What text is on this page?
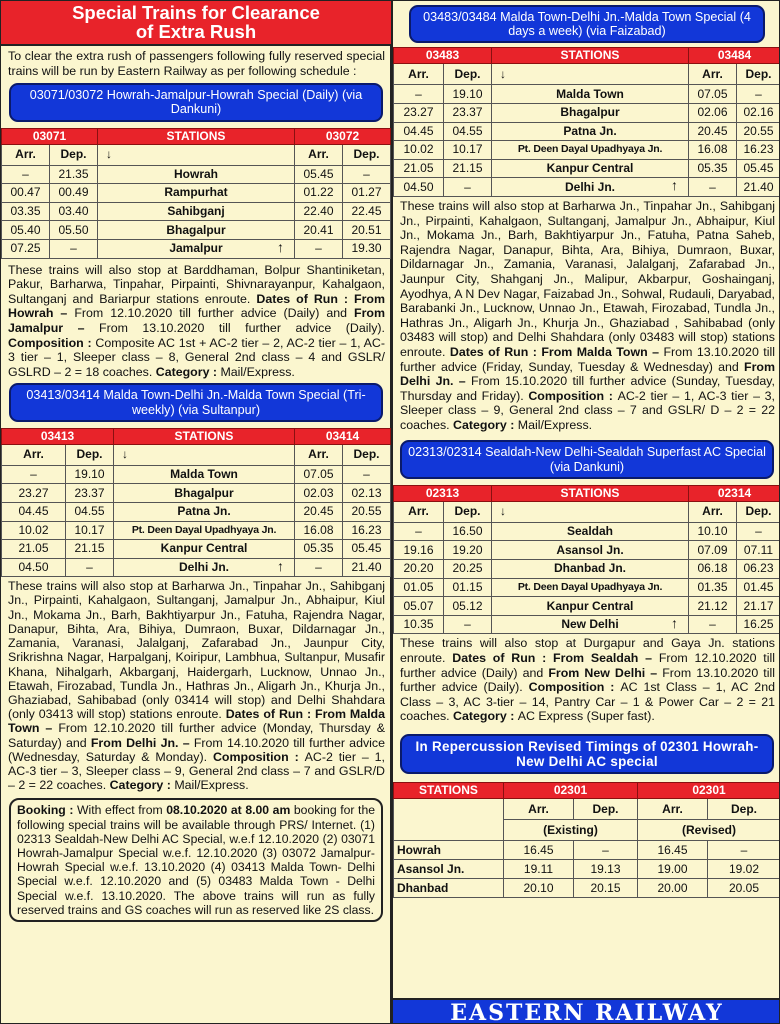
Special Trains for Clearance of Extra Rush
To clear the extra rush of passengers following fully reserved special trains will be run by Eastern Railway as per following schedule :
03071/03072 Howrah-Jamalpur-Howrah Special (Daily) (via Dankuni)
03071		STATIONS	03072	
Arr.	Dep.	↓	Arr.	Dep.
–	21.35	Howrah	05.45	–
00.47	00.49	Rampurhat	01.22	01.27
03.35	03.40	Sahibganj	22.40	22.45
05.40	05.50	Bhagalpur	20.41	20.51
07.25	–	Jamalpur ↑	–	19.30
These trains will also stop at Barddhaman, Bolpur Shantiniketan, Pakur, Barharwa, Tinpahar, Pirpainti, Shivnarayanpur, Kahalgaon, Sultanganj and Bariarpur stations enroute. Dates of Run : From Howrah – From 12.10.2020 till further advice (Daily) and From Jamalpur – From 13.10.2020 till further advice (Daily). Composition : Composite AC 1st + AC-2 tier – 2, AC-2 tier – 1, AC-3 tier – 1, Sleeper class – 8, General 2nd class – 4 and GSLR/ GSLRD – 2 = 18 coaches. Category : Mail/Express.
03413/03414 Malda Town-Delhi Jn.-Malda Town Special (Tri-weekly) (via Sultanpur)
03413		STATIONS	03414	
Arr.	Dep.	↓	Arr.	Dep.
–	19.10	Malda Town	07.05	–
23.27	23.37	Bhagalpur	02.03	02.13
04.45	04.55	Patna Jn.	20.45	20.55
10.02	10.17	Pt. Deen Dayal Upadhyaya Jn.	16.08	16.23
21.05	21.15	Kanpur Central	05.35	05.45
04.50	–	Delhi Jn. ↑	–	21.40
These trains will also stop at Barharwa Jn., Tinpahar Jn., Sahibganj Jn., Pirpainti, Kahalgaon, Sultanganj, Jamalpur Jn., Abhaipur, Kiul Jn., Mokama Jn., Barh, Bakhtiyarpur Jn., Fatuha, Rajendra Nagar, Danapur, Bihta, Ara, Bihiya, Dumraon, Buxar, Dildarnagar Jn., Zamania, Varanasi, Jalalganj, Zafarabad Jn., Jaunpur City, Srikrishna Nagar, Harpalganj, Koiripur, Lambhua, Sultanpur, Musafir Khana, Nihalgarh, Akbarganj, Haidergarh, Lucknow, Unnao Jn., Etawah, Firozabad, Tundla Jn., Hathras Jn., Aligarh Jn., Khurja Jn., Ghaziabad, Sahibabad (only 03414 will stop) and Delhi Shahdara (only 03413 will stop) stations enroute. Dates of Run : From Malda Town – From 12.10.2020 till further advice (Monday, Thursday & Saturday) and From Delhi Jn. – From 14.10.2020 till further advice (Wednesday, Saturday & Monday). Composition : AC-2 tier – 1, AC-3 tier – 3, Sleeper class – 9, General 2nd class – 7 and GSLR/D – 2 = 22 coaches. Category : Mail/Express.
Booking : With effect from 08.10.2020 at 8.00 am booking for the following special trains will be available through PRS/ Internet. (1) 02313 Sealdah-New Delhi AC Special, w.e.f 12.10.2020 (2) 03071 Howrah-Jamalpur Special w.e.f. 12.10.2020 (3) 03072 Jamalpur-Howrah Special w.e.f. 13.10.2020 (4) 03413 Malda Town- Delhi Special w.e.f. 12.10.2020 and (5) 03483 Malda Town - Delhi Special w.e.f. 13.10.2020. The above trains will run as fully reserved trains and GS coaches will run as reserved like 2S class.
03483/03484 Malda Town-Delhi Jn.-Malda Town Special (4 days a week) (via Faizabad)
03483		STATIONS	03484	
Arr.	Dep.	↓	Arr.	Dep.
–	19.10	Malda Town	07.05	–
23.27	23.37	Bhagalpur	02.06	02.16
04.45	04.55	Patna Jn.	20.45	20.55
10.02	10.17	Pt. Deen Dayal Upadhyaya Jn.	16.08	16.23
21.05	21.15	Kanpur Central	05.35	05.45
04.50	–	Delhi Jn. ↑	–	21.40
These trains will also stop at Barharwa Jn., Tinpahar Jn., Sahibganj Jn., Pirpainti, Kahalgaon, Sultanganj, Jamalpur Jn., Abhaipur, Kiul Jn., Mokama Jn., Barh, Bakhtiyarpur Jn., Fatuha, Patna Saheb, Rajendra Nagar, Danapur, Bihta, Ara, Bihiya, Dumraon, Buxar, Dildarnagar Jn., Zamania, Varanasi, Jalalganj, Zafarabad Jn., Jaunpur City, Shahganj Jn., Malipur, Akbarpur, Goshainganj, Ayodhya, A N Dev Nagar, Faizabad Jn., Sohwal, Rudauli, Daryabad, Barabanki Jn., Lucknow, Unnao Jn., Etawah, Firozabad, Tundla Jn., Hathras Jn., Aligarh Jn., Khurja Jn., Ghaziabad , Sahibabad (only 03483 will stop) and Delhi Shahdara (only 03483 will stop) stations enroute. Dates of Run : From Malda Town – From 13.10.2020 till further advice (Friday, Sunday, Tuesday & Wednesday) and From Delhi Jn. – From 15.10.2020 till further advice (Sunday, Tuesday, Thursday and Friday). Composition : AC-2 tier – 1, AC-3 tier – 3, Sleeper class – 9, General 2nd class – 7 and GSLR/ D – 2 = 22 coaches. Category : Mail/Express.
02313/02314 Sealdah-New Delhi-Sealdah Superfast AC Special (via Dankuni)
02313		STATIONS	02314	
Arr.	Dep.	↓	Arr.	Dep.
–	16.50	Sealdah	10.10	–
19.16	19.20	Asansol Jn.	07.09	07.11
20.20	20.25	Dhanbad Jn.	06.18	06.23
01.05	01.15	Pt. Deen Dayal Upadhyaya Jn.	01.35	01.45
05.07	05.12	Kanpur Central	21.12	21.17
10.35	–	New Delhi ↑	–	16.25
These trains will also stop at Durgapur and Gaya Jn. stations enroute. Dates of Run : From Sealdah – From 12.10.2020 till further advice (Daily) and From New Delhi – From 13.10.2020 till further advice (Daily). Composition : AC 1st Class – 1, AC 2nd Class – 3, AC 3-tier – 14, Pantry Car – 1 & Power Car – 2 = 21 coaches. Category : AC Express (Super fast).
In Repercussion Revised Timings of 02301 Howrah-New Delhi AC special
STATIONS	02301		02301	
	Arr.	Dep.	Arr.	Dep.
	(Existing)		(Revised)	
Howrah	16.45	–	16.45	–
Asansol Jn.	19.11	19.13	19.00	19.02
Dhanbad	20.10	20.15	20.00	20.05
EASTERN RAILWAY
